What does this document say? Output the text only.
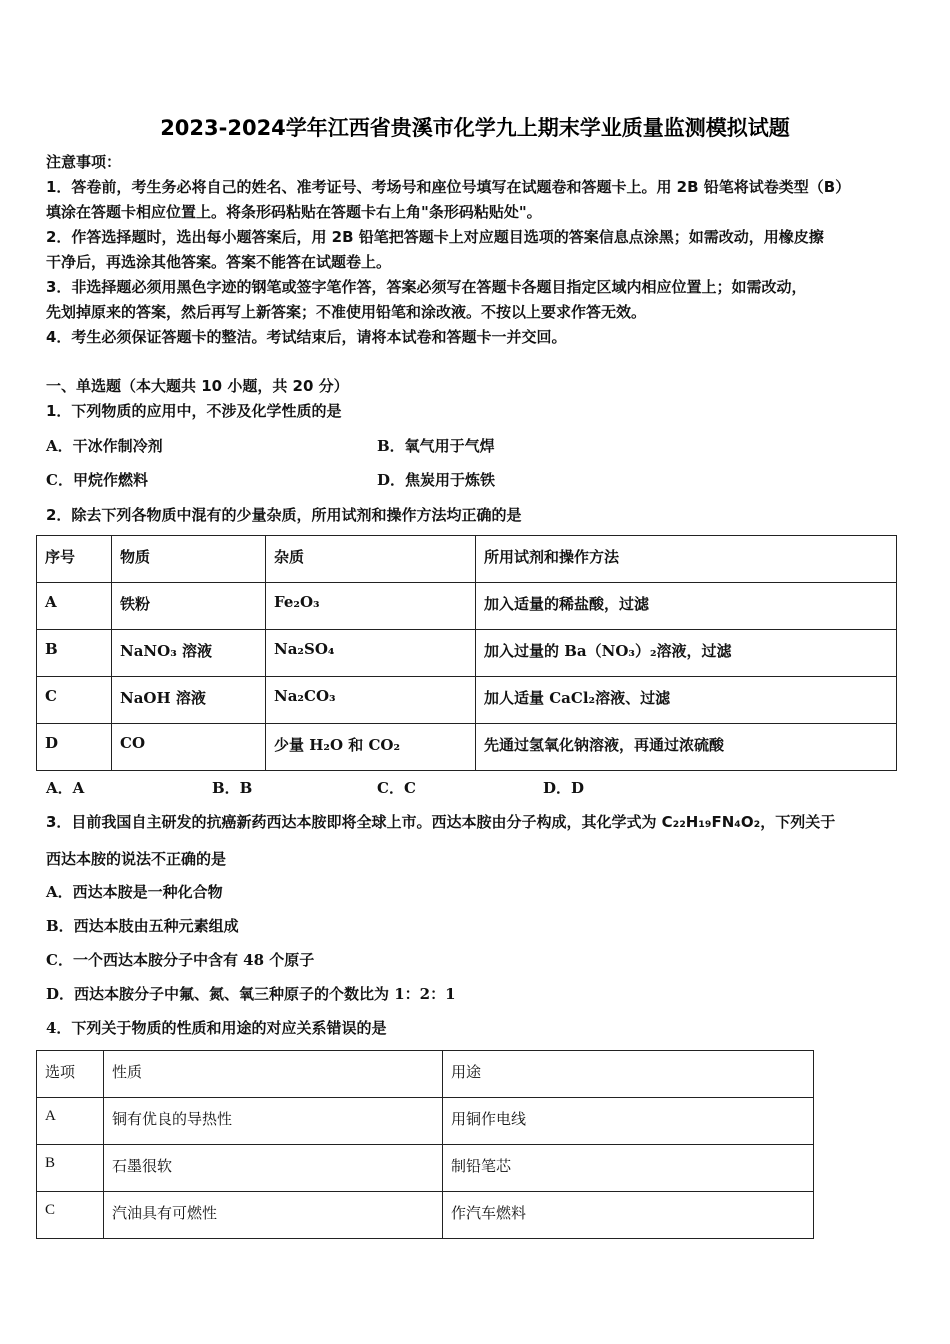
2023-2024学年江西省贵溪市化学九上期末学业质量监测模拟试题
注意事项：
1．答卷前，考生务必将自己的姓名、准考证号、考场号和座位号填写在试题卷和答题卡上。用 2B 铅笔将试卷类型（B）
填涂在答题卡相应位置上。将条形码粘贴在答题卡右上角"条形码粘贴处"。
2．作答选择题时，选出每小题答案后，用 2B 铅笔把答题卡上对应题目选项的答案信息点涂黑；如需改动，用橡皮擦
干净后，再选涂其他答案。答案不能答在试题卷上。
3．非选择题必须用黑色字迹的钢笔或签字笔作答，答案必须写在答题卡各题目指定区域内相应位置上；如需改动，
先划掉原来的答案，然后再写上新答案；不准使用铅笔和涂改液。不按以上要求作答无效。
4．考生必须保证答题卡的整洁。考试结束后，请将本试卷和答题卡一并交回。
一、单选题（本大题共 10 小题，共 20 分）
1．下列物质的应用中，不涉及化学性质的是
A．干冰作制冷剂	B．氧气用于气焊
C．甲烷作燃料	D．焦炭用于炼铁
2．除去下列各物质中混有的少量杂质，所用试剂和操作方法均正确的是
序号	物质	杂质	所用试剂和操作方法
A	铁粉	Fe₂O₃	加入适量的稀盐酸，过滤
B	NaNO₃ 溶液	Na₂SO₄	加入过量的 Ba（NO₃）₂溶液，过滤
C	NaOH 溶液	Na₂CO₃	加人适量 CaCl₂溶液、过滤
D	CO	少量 H₂O 和 CO₂	先通过氢氧化钠溶液，再通过浓硫酸
A．A	B．B	C．C	D．D
3．目前我国自主研发的抗癌新药西达本胺即将全球上市。西达本胺由分子构成，其化学式为 C₂₂H₁₉FN₄O₂，下列关于
西达本胺的说法不正确的是
A．西达本胺是一种化合物
B．西达本肢由五种元素组成
C．一个西达本胺分子中含有 48 个原子
D．西达本胺分子中氟、氮、氧三种原子的个数比为 1：2：1
4．下列关于物质的性质和用途的对应关系错误的是
选项	性质	用途
A	铜有优良的导热性	用铜作电线
B	石墨很软	制铅笔芯
C	汽油具有可燃性	作汽车燃料
